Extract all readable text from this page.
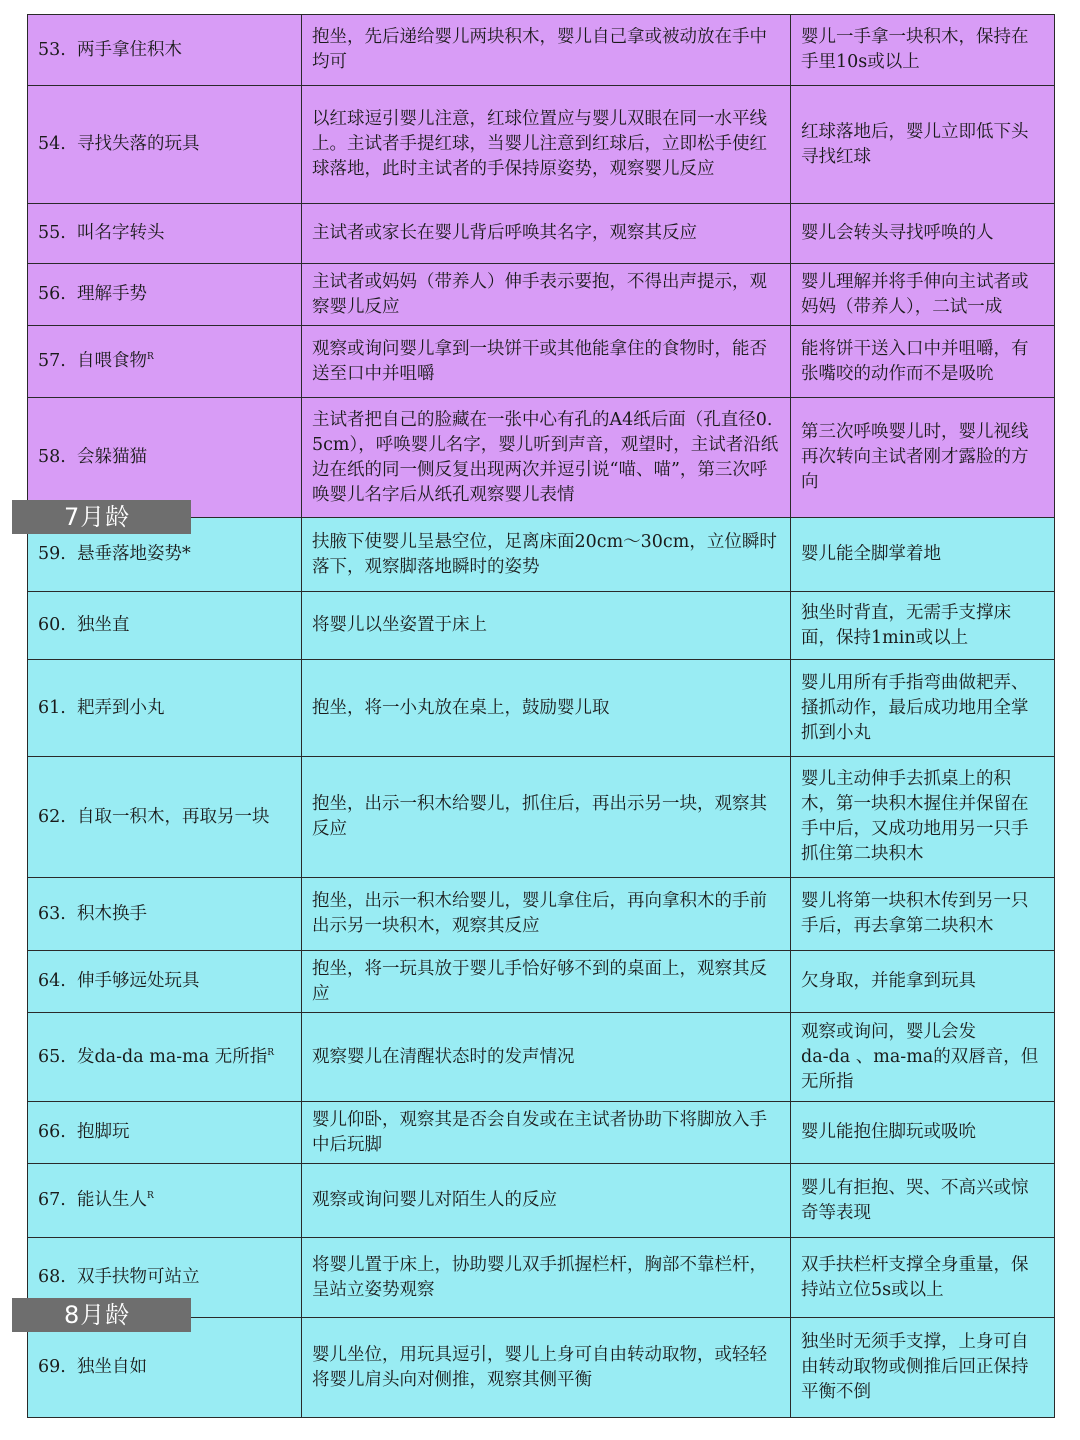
53. 两手拿住积木	抱坐，先后递给婴儿两块积木，婴儿自己拿或被动放在手中均可	婴儿一手拿一块积木，保持在手里10s或以上
54. 寻找失落的玩具	以红球逗引婴儿注意，红球位置应与婴儿双眼在同一水平线上。主试者手提红球，当婴儿注意到红球后，立即松手使红球落地，此时主试者的手保持原姿势，观察婴儿反应	红球落地后，婴儿立即低下头寻找红球
55. 叫名字转头	主试者或家长在婴儿背后呼唤其名字，观察其反应	婴儿会转头寻找呼唤的人
56. 理解手势	主试者或妈妈（带养人）伸手表示要抱，不得出声提示，观察婴儿反应	婴儿理解并将手伸向主试者或妈妈（带养人），二试一成
57. 自喂食物$^R$	观察或询问婴儿拿到一块饼干或其他能拿住的食物时，能否送至口中并咀嚼	能将饼干送入口中并咀嚼，有张嘴咬的动作而不是吸吮
58. 会躲猫猫	主试者把自己的脸藏在一张中心有孔的A4纸后面（孔直径0.5cm），呼唤婴儿名字，婴儿听到声音，观望时，主试者沿纸边在纸的同一侧反复出现两次并逗引说“喵、喵”，第三次呼唤婴儿名字后从纸孔观察婴儿表情	第三次呼唤婴儿时，婴儿视线再次转向主试者刚才露脸的方向
59. 悬垂落地姿势*	扶腋下使婴儿呈悬空位，足离床面20cm～30cm，立位瞬时落下，观察脚落地瞬时的姿势	婴儿能全脚掌着地
60. 独坐直	将婴儿以坐姿置于床上	独坐时背直，无需手支撑床面，保持1min或以上
61. 耙弄到小丸	抱坐，将一小丸放在桌上，鼓励婴儿取	婴儿用所有手指弯曲做耙弄、搔抓动作，最后成功地用全掌抓到小丸
62. 自取一积木，再取另一块	抱坐，出示一积木给婴儿，抓住后，再出示另一块，观察其反应	婴儿主动伸手去抓桌上的积木，第一块积木握住并保留在手中后，又成功地用另一只手抓住第二块积木
63. 积木换手	抱坐，出示一积木给婴儿，婴儿拿住后，再向拿积木的手前出示另一块积木，观察其反应	婴儿将第一块积木传到另一只手后，再去拿第二块积木
64. 伸手够远处玩具	抱坐，将一玩具放于婴儿手恰好够不到的桌面上，观察其反应	欠身取，并能拿到玩具
65. 发da-da ma-ma 无所指$^R$	观察婴儿在清醒状态时的发声情况	观察或询问，婴儿会发
da-da 、ma-ma的双唇音，但
无所指

66. 抱脚玩	婴儿仰卧，观察其是否会自发或在主试者协助下将脚放入手中后玩脚	婴儿能抱住脚玩或吸吮
67. 能认生人$^R$	观察或询问婴儿对陌生人的反应	婴儿有拒抱、哭、不高兴或惊奇等表现
68. 双手扶物可站立	将婴儿置于床上，协助婴儿双手抓握栏杆，胸部不靠栏杆，呈站立姿势观察	双手扶栏杆支撑全身重量，保持站立位5s或以上
69. 独坐自如	婴儿坐位，用玩具逗引，婴儿上身可自由转动取物，或轻轻将婴儿肩头向对侧推，观察其侧平衡	独坐时无须手支撑，上身可自由转动取物或侧推后回正保持平衡不倒
7月龄
8月龄
